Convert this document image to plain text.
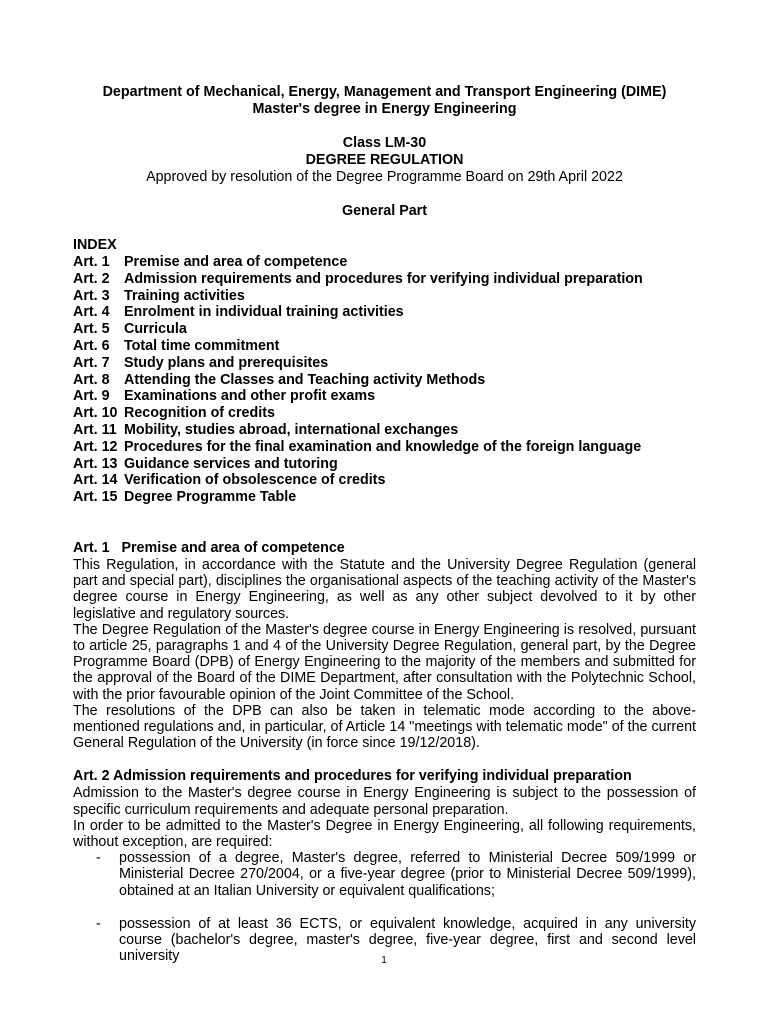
Department of Mechanical, Energy, Management and Transport Engineering (DIME)
Master's degree in Energy Engineering
Class LM-30
DEGREE REGULATION
Approved by resolution of the Degree Programme Board on 29th April 2022
General Part
INDEX
Art. 1	Premise and area of competence
Art. 2	Admission requirements and procedures for verifying individual preparation
Art. 3	Training activities
Art. 4	Enrolment in individual training activities
Art. 5	Curricula
Art. 6	Total time commitment
Art. 7	Study plans and prerequisites
Art. 8	Attending the Classes and Teaching activity Methods
Art. 9	Examinations and other profit exams
Art. 10 Recognition of credits
Art. 11 Mobility, studies abroad, international exchanges
Art. 12 Procedures for the final examination and knowledge of the foreign language
Art. 13 Guidance services and tutoring
Art. 14 Verification of obsolescence of credits
Art. 15 Degree Programme Table
Art. 1   Premise and area of competence

This Regulation, in accordance with the Statute and the University Degree Regulation (general part and special part), disciplines the organisational aspects of the teaching activity of the Master's degree course in Energy Engineering, as well as any other subject devolved to it by other legislative and regulatory sources.

The Degree Regulation of the Master's degree course in Energy Engineering is resolved, pursuant to article 25, paragraphs 1 and 4 of the University Degree Regulation, general part, by the Degree Programme Board (DPB) of Energy Engineering to the majority of the members and submitted for the approval of the Board of the DIME Department, after consultation with the Polytechnic School, with the prior favourable opinion of the Joint Committee of the School.

The resolutions of the DPB can also be taken in telematic mode according to the above-mentioned regulations and, in particular, of Article 14 "meetings with telematic mode" of the current General Regulation of the University (in force since 19/12/2018).

Art. 2 Admission requirements and procedures for verifying individual preparation

Admission to the Master's degree course in Energy Engineering is subject to the possession of specific curriculum requirements and adequate personal preparation.

In order to be admitted to the Master's Degree in Energy Engineering, all following requirements, without exception, are required:

-	possession of a degree, Master's degree, referred to Ministerial Decree 509/1999 or Ministerial Decree 270/2004, or a five-year degree (prior to Ministerial Decree 509/1999), obtained at an Italian University or equivalent qualifications;
-	possession of at least 36 ECTS, or equivalent knowledge, acquired in any university course (bachelor's degree, master's degree, five-year degree, first and second level university	1
